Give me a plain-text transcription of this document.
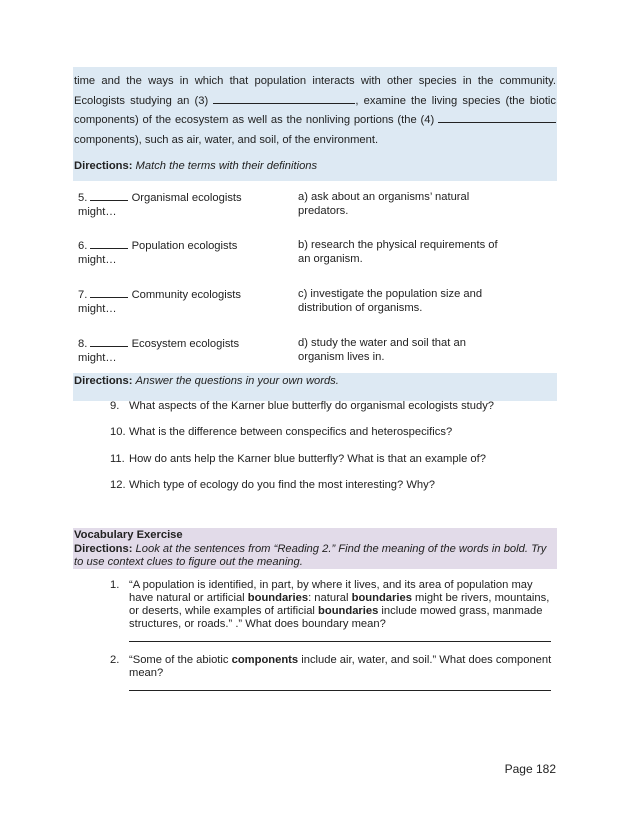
time and the ways in which that population interacts with other species in the community. Ecologists studying an (3)	, examine the living species (the biotic components) of the ecosystem as well as the nonliving portions (the (4)  components), such as air, water, and soil, of the environment.

Directions: Match the terms with their definitions
5.	Organismal ecologists
might…
a) ask about an organisms’ natural
predators.
6.	Population ecologists
might…
b) research the physical requirements of
an organism.
7.	Community ecologists
might…
c) investigate the population size and
distribution of organisms.
8.	Ecosystem ecologists
might…
d) study the water and soil that an
organism lives in.
Directions: Answer the questions in your own words.
9. What aspects of the Karner blue butterfly do organismal ecologists study?
10. What is the difference between conspecifics and heterospecifics?
11. How do ants help the Karner blue butterfly? What is that an example of?
12. Which type of ecology do you find the most interesting? Why?
Vocabulary Exercise
Directions: Look at the sentences from “Reading 2.” Find the meaning of the words in bold. Try to use context clues to figure out the meaning.
1. “A population is identified, in part, by where it lives, and its area of population may have natural or artificial boundaries: natural boundaries might be rivers, mountains, or deserts, while examples of artificial boundaries include mowed grass, manmade structures, or roads.” .” What does boundary mean?
2. “Some of the abiotic components include air, water, and soil.” What does component mean?
Page 182
